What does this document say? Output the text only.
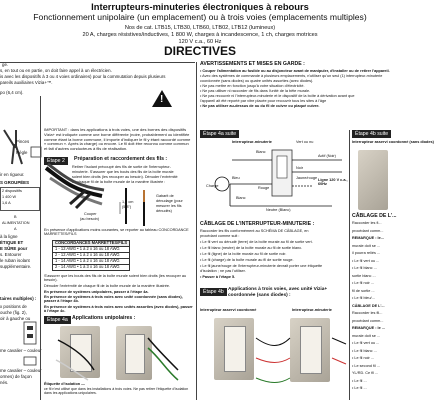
Interrupteurs-minuteries électroniques à rebours
Fonctionnement unipolaire (un emplacement) ou à trois voies (emplacements multiples)
Nos de cat. LTB15, LTB30, LTB60, LTB02, LTB12 (lumineux)
20 A, charges résistives/inductives, 1 800 W, charges à incandescence, 1 ch, charges motrices
120 V c.a., 60 Hz
DIRECTIVES
ge.
s, en tout ou en partie, on doit faire appel à un électricien.
is avec les dispositifs à 3 ou 4 voies ordinaires) pour la commutation depuis plusieurs
pareils auxiliaires Vizia+™.
po (6,4 cm).
Pinces
Règle
ir en rigueur.
S GROUPÉES
2 dispositifs
1 400 W
1,6 A
B
ALIMENTATION
A
à la ligne
ÉTIQUE ET
E SÛRE pour
s. Entourer
le ruban isolant
supplémentaire.
taires multiples) :
x positions de
ouche (fig. 2),
oir à gauche ou
me cavalier – couleur
me cavalier – couleur
ormes) de façon
nés.
IMPORTANT : dans les applications à trois voies, une des bornes des dispositifs Vizia+ est indiquée comme une borne différente (noire, probablement ou identifiée comme étant la borne commune, il importe d'indiquer le fil y étant raccordé comme « commun ». Après la charge) ou encore. Le fil doit être reconnu comme commun et fait d'autres conducteurs à fils de réalisation.
Étape 2	Préparation et raccordement des fils :
Retirer l'isolant précoupé des fils de sortie de l'interrupteur-
minuterie. S'assurer que les bouts des fils de la boîte murale
soient bien droits (les recouper au besoin). Dénuder l'extrémité
de chaque fil de la boîte murale de la manière illustrée :
Couper
(au besoin)
1,6 cm
(5/8")
Gabarit de
dénudage (pour
mesurer les fils
dénudés)
En présence d'applications moins courantes, se reporter au tableau CONCORDANCE MARRETTES/FILS
CONCORDANCES MARRETTES/FILS
1 - 12 AWG • 1 à 2 x 16 ou 18 AWG
2 - 12 AWG • 1 à 2 x 16 ou 18 AWG
1 - 14 AWG • 1 à 2 x 16 ou 18 AWG
2 - 14 AWG • 1 à 3 x 16 ou 18 AWG
S'assurer que les bouts des fils de la boîte murale soient bien droits (les recouper au besoin).
Dénuder l'extrémité de chaque fil de la boîte murale de la manière illustrée.
En présence de systèmes unipolaires, passer à l'étape 4a.
En présence de systèmes à trois voies avec unité coordonnée (sans diodes), passer à l'étape 4b.
En présence de systèmes à trois voies avec unités assorties (avec diodes), passer à l'étape 4c.
Étape 4a Applications unipolaires :
Étiquette d'isolation —
ce fil n'est utilisé que dans les installations à trois voies. Ne pas retirer l'étiquette d'isolation dans les applications unipolaires.
!
AVERTISSEMENTS ET MISES EN GARDE :
• Couper l'alimentation au fusible ou au disjoncteur avant de manipuler, d'installer ou de retirer l'appareil.
• Avec des systèmes de commande à plusieurs emplacements, n'utiliser qu'un seul (1) interrupteur-minuterie
coordonnée (sans diodes) ou quatre unités assorties (avec diodes).
• Ne pas mettre en fonction jusqu'à votre situation d'électricité.
• Ne pas utiliser ni raccorder de fils dans l'unité de la bête murale.
• Ne pas recouvrir ni l'interrupteur-minuterie et le dispositif de la boîte à dérivation avant que
l'appareil ait été reporté par vitre placée pour recouvrir tous les sites à l'âge
• Ne pas utiliser au-dessus de ou du fil de cuivre ou plaqué cuivre.
Étape 4a suite	Étape 4b suite
Interrupteur-minuterie
Blanc
Vert ou nu
Actif (Noir)
Noir
Bleu	Jaune/rouge
Charge
Blanc
Ligne 120 V c.a., 60Hz
Neutre (Blanc)
Rouge
CÂBLAGE DE L'INTERRUPTEUR-MINUTERIE :
Raccorder les fils conformément au SCHÉMA DE CÂBLAGE, en
procédant comme suit :
• Le fil vert ou dénudé (terre) de la boîte murale au fil de sortie vert.
• Le fil blanc (neutre) de la boîte murale au fil de sortie blanc.
• Le fil (ligne) de la boîte murale au fil de sortie noir.
• Le fil (charge) de la boîte murale au fil de sortie rouge.
• Le fil jaune/rouge de l'interrupteur-minuterie devrait porter une étiquette
d'isolation ; ne pas l'utiliser.
• Passer à l'étape 5.
Étape 4b Applications à trois voies, avec unité Vizia+ coordonnée (sans diodes) :
Interrupteur asservi coordonné	Interrupteur-minuterie
Interrupteur asservi coordonné (sans diodes)
CÂBLAGE DE L'...
Raccorder les fi...
procédant comm...
REMARQUE : le...
murale doit se ...
il pourra reliés ...
• Le fil vert ou ...
• Le fil blanc ...
sortie blanc ...
• Le fil noir ...
fil de sortie ...
• Le fil bleu/...
CÂBLAGE DE L'...
Raccorder les fil...
procédant comm...
REMARQUE : le ...
murale doit se ...
• Le fil vert ou ...
• Le fil blanc ...
• Le fil noir ...
• Le second fil ...
YL/RD. Ce fil ...
• Le fil ...
• Le fil ...
